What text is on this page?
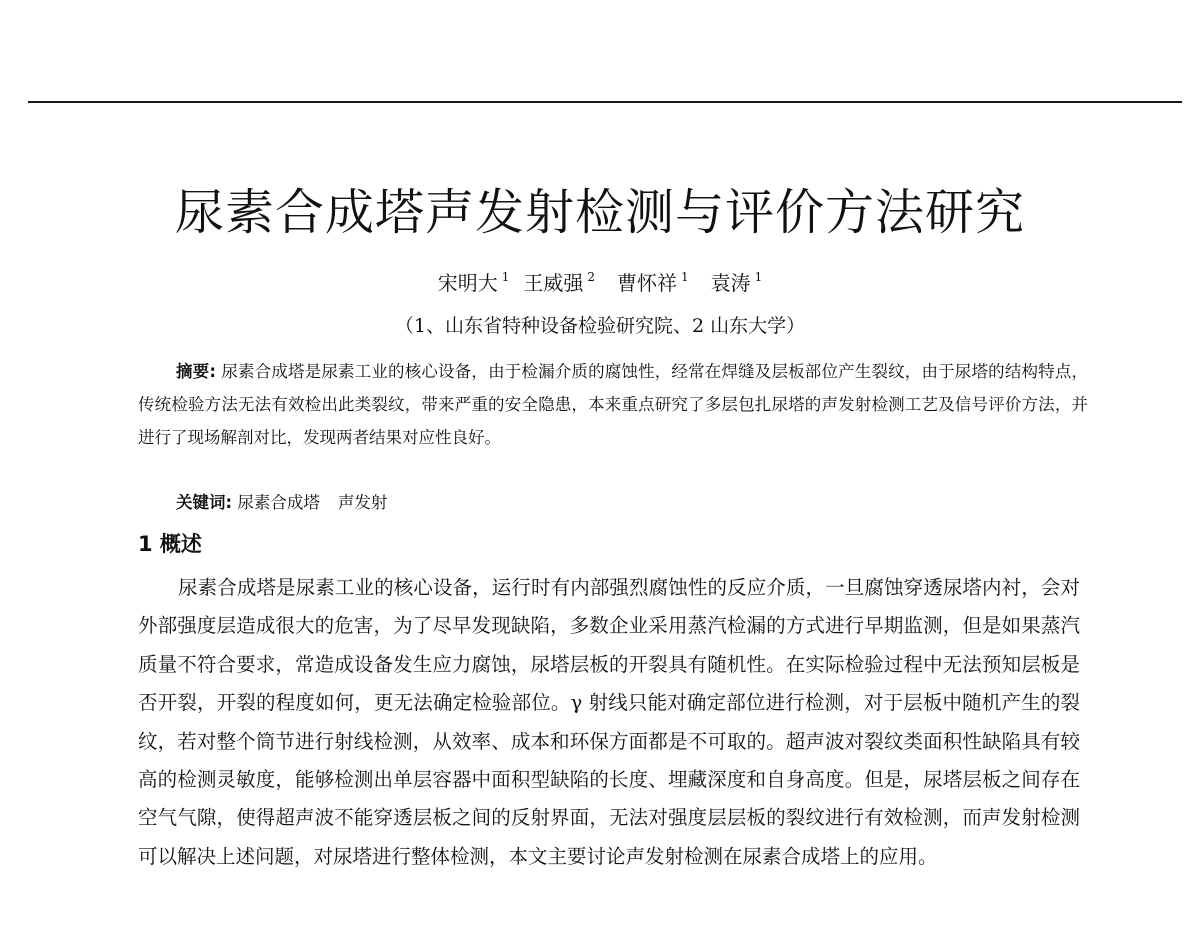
尿素合成塔声发射检测与评价方法研究
宋明大 $^1$ 王威强 $^2$ 曹怀祥 $^1$ 袁涛 $^1$
（1、山东省特种设备检验研究院、2 山东大学）

摘要: 尿素合成塔是尿素工业的核心设备，由于检漏介质的腐蚀性，经常在焊缝及层板部位产生裂纹，由于尿塔的结构特点，传统检验方法无法有效检出此类裂纹，带来严重的安全隐患，本来重点研究了多层包扎尿塔的声发射检测工艺及信号评价方法，并进行了现场解剖对比，发现两者结果对应性良好。

关键词: 尿素合成塔 声发射
1 概述

尿素合成塔是尿素工业的核心设备，运行时有内部强烈腐蚀性的反应介质，一旦腐蚀穿透尿塔内衬，会对外部强度层造成很大的危害，为了尽早发现缺陷，多数企业采用蒸汽检漏的方式进行早期监测，但是如果蒸汽质量不符合要求，常造成设备发生应力腐蚀，尿塔层板的开裂具有随机性。在实际检验过程中无法预知层板是否开裂，开裂的程度如何，更无法确定检验部位。γ 射线只能对确定部位进行检测，对于层板中随机产生的裂纹，若对整个筒节进行射线检测，从效率、成本和环保方面都是不可取的。超声波对裂纹类面积性缺陷具有较高的检测灵敏度，能够检测出单层容器中面积型缺陷的长度、埋藏深度和自身高度。但是，尿塔层板之间存在空气气隙，使得超声波不能穿透层板之间的反射界面，无法对强度层层板的裂纹进行有效检测，而声发射检测可以解决上述问题，对尿塔进行整体检测，本文主要讨论声发射检测在尿素合成塔上的应用。
